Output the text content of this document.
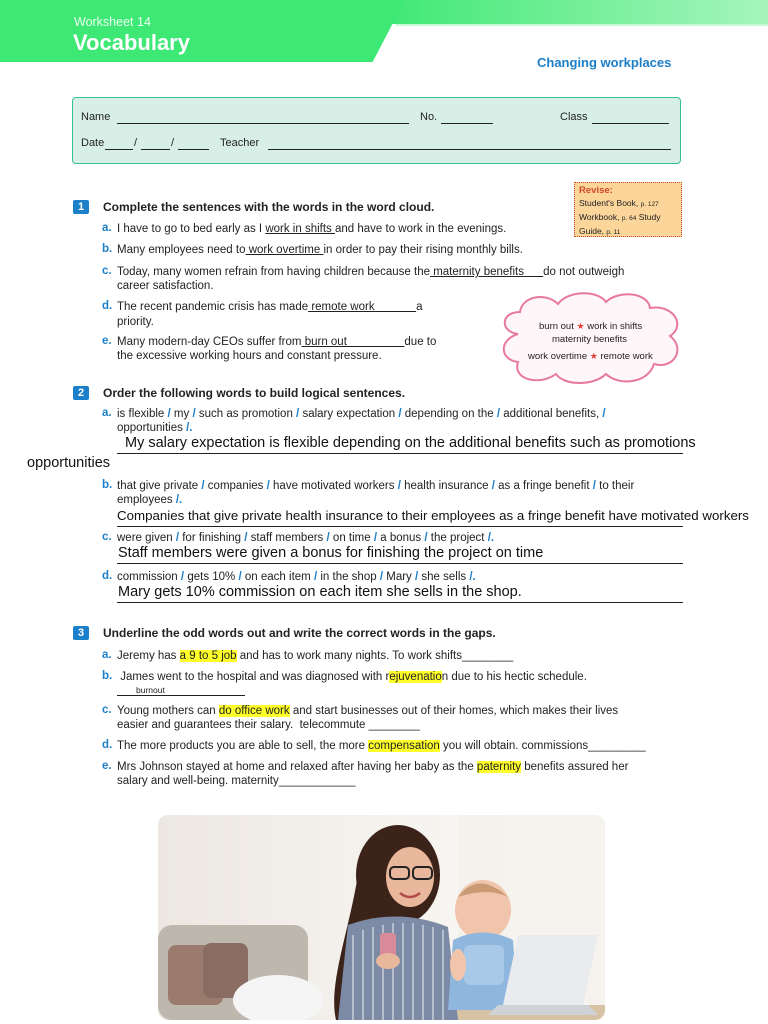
Worksheet 14
Vocabulary
Changing workplaces
Name	No.	Class
Date	/	/	Teacher
Revise:
Student's Book, p. 127
Workbook, p. 64 Study
Guide, p. 11
1	Complete the sentences with the words in the word cloud.
a. I have to go to bed early as I work in shifts and have to work in the evenings.
b. Many employees need to work overtime in order to pay their rising monthly bills.
c. Today, many women refrain from having children because the maternity benefits      do not outweigh
career satisfaction.
d. The recent pandemic crisis has made remote work             a
priority.
e. Many modern-day CEOs suffer from burn out                  due to
the excessive working hours and constant pressure.
burn out ★ work in shifts
maternity benefits
work overtime ★ remote work
2	Order the following words to build logical sentences.
a. is flexible / my / such as promotion / salary expectation / depending on the / additional benefits, /
opportunities /.
My salary expectation is flexible depending on the additional benefits such as promotions
opportunities
b. that give private / companies / have motivated workers / health insurance / as a fringe benefit / to their
employees /.
Companies that give private health insurance to their employees as a fringe benefit have motivated workers
c. were given / for finishing / staff members / on time / a bonus / the project /.
Staff members were given a bonus for finishing the project on time
d. commission / gets 10% / on each item / in the shop / Mary / she sells /.
Mary gets 10% commission on each item she sells in the shop.
3	Underline the odd words out and write the correct words in the gaps.
a. Jeremy has a 9 to 5 job and has to work many nights. To work shifts________
b. James went to the hospital and was diagnosed with rejuvenation due to his hectic schedule.
burnout
c. Young mothers can do office work and start businesses out of their homes, which makes their lives
easier and guarantees their salary.  telecommute ________
d. The more products you are able to sell, the more compensation you will obtain. commissions_________
e. Mrs Johnson stayed at home and relaxed after having her baby as the paternity benefits assured her
salary and well-being. maternity____________
